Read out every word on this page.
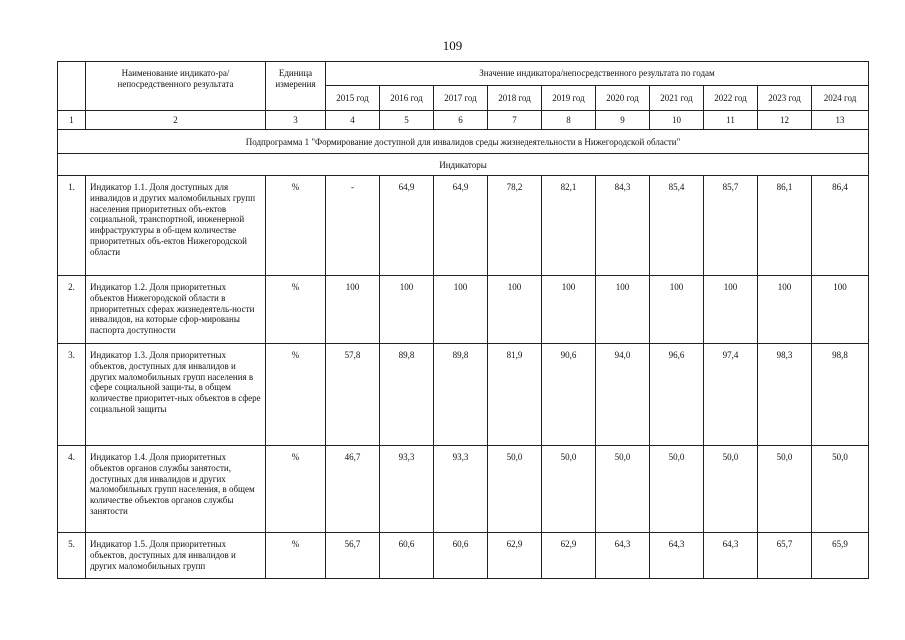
109
	Наименование индикато-ра/непосредственного результата	Единица измерения	Значение индикатора/непосредственного результата по годам									
			2015 год	2016 год	2017 год	2018 год	2019 год	2020 год	2021 год	2022 год	2023 год	2024 год
1	2	3	4	5	6	7	8	9	10	11	12	13
Подпрограмма 1 "Формирование доступной для инвалидов среды жизнедеятельности в Нижегородской области"												
Индикаторы												
1.	Индикатор 1.1. Доля доступных для инвалидов и других маломобильных групп населения приоритетных объ-ектов социальной, транспортной, инженерной инфраструктуры в об-щем количестве приоритетных объ-ектов Нижегородской области	%	-	64,9	64,9	78,2	82,1	84,3	85,4	85,7	86,1	86,4
2.	Индикатор 1.2. Доля приоритетных объектов Нижегородской области в приоритетных сферах жизнедеятель-ности инвалидов, на которые сфор-мированы паспорта доступности	%	100	100	100	100	100	100	100	100	100	100
3.	Индикатор 1.3. Доля приоритетных объектов, доступных для инвалидов и других маломобильных групп населения в сфере социальной защи-ты, в общем количестве приоритет-ных объектов в сфере социальной защиты	%	57,8	89,8	89,8	81,9	90,6	94,0	96,6	97,4	98,3	98,8
4.	Индикатор 1.4. Доля приоритетных объектов органов службы занятости, доступных для инвалидов и других маломобильных групп населения, в общем количестве объектов органов службы занятости	%	46,7	93,3	93,3	50,0	50,0	50,0	50,0	50,0	50,0	50,0
5.	Индикатор 1.5. Доля приоритетных объектов, доступных для инвалидов и других маломобильных групп	%	56,7	60,6	60,6	62,9	62,9	64,3	64,3	64,3	65,7	65,9
